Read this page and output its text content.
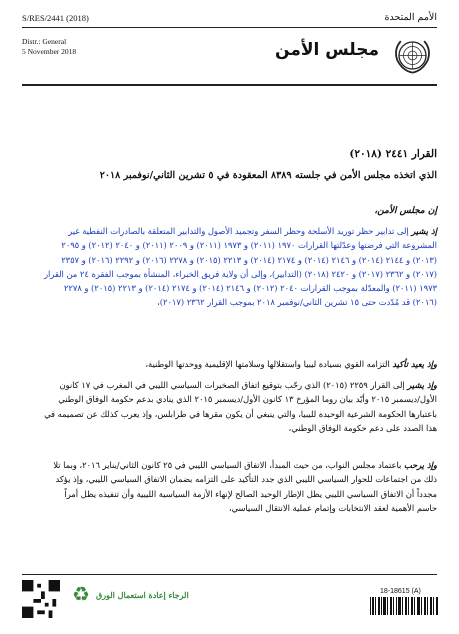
S/RES/2441 (2018)	الأمم المتحدة
Distr.: General
5 November 2018	مجلس الأمن
القرار ٢٤٤١ (٢٠١٨)
الذي اتخذه مجلس الأمن في جلسته ٨٣٨٩ المعقودة في ٥ تشرين الثاني/نوفمبر ٢٠١٨
إن مجلس الأمن،
إذ يشير إلى تدابير حظر توريد الأسلحة وحظر السفر وتجميد الأصول والتدابير المتعلقة بالصادرات النفطية غير المشروعة التي فرضتها وعدّلتها القرارات ١٩٧٠ (٢٠١١) و ١٩٧٣ (٢٠١١) و ٢٠٠٩ (٢٠١١) و ٢٠٤٠ (٢٠١٢) و ٢٠٩٥ (٢٠١٣) و ٢١٤٤ (٢٠١٤) و ٢١٤٦ (٢٠١٤) و ٢١٧٤ (٢٠١٤) و ٢٢١٣ (٢٠١٥) و ٢٢٧٨ (٢٠١٦) و ٢٢٩٢ (٢٠١٦) و ٢٣٥٧ (٢٠١٧) و ٢٣٦٢ (٢٠١٧) و ٢٤٢٠ (٢٠١٨) (التدابير)، وإلى أن ولاية فريق الخبراء، المنشأة بموجب الفقرة ٢٤ من القرار ١٩٧٣ (٢٠١١) والمعدّلة بموجب القرارات ٢٠٤٠ (٢٠١٢) و ٢١٤٦ (٢٠١٤) و ٢١٧٤ (٢٠١٤) و ٢٢١٣ (٢٠١٥) و ٢٢٧٨ (٢٠١٦) قد مُدّدت حتى ١٥ تشرين الثاني/نوفمبر ٢٠١٨ بموجب القرار ٢٣٦٢ (٢٠١٧)،
وإذ يعيد تأكيد التزامه القوي بسيادة ليبيا واستقلالها وسلامتها الإقليمية ووحدتها الوطنية،
وإذ يشير إلى القرار ٢٢٥٩ (٢٠١٥) الذي رحّب بتوقيع اتفاق الصخيرات السياسي الليبي في المغرب في ١٧ كانون الأول/ديسمبر ٢٠١٥ وأيّد بيان روما المؤرخ ١٣ كانون الأول/ديسمبر ٢٠١٥ الذي ينادي بدعم حكومة الوفاق الوطني باعتبارها الحكومة الشرعية الوحيدة لليبيا، والتي ينبغي أن يكون مقرها في طرابلس، وإذ يعرب كذلك عن تصميمه في هذا الصدد على دعم حكومة الوفاق الوطني،
وإذ يرحب باعتماد مجلس النواب، من حيث المبدأ، الاتفاق السياسي الليبي في ٢٥ كانون الثاني/يناير ٢٠١٦، وبما تلا ذلك من اجتماعات للحوار السياسي الليبي الذي جدد التأكيد على التزامه بضمان الاتفاق السياسي الليبي، وإذ يؤكد مجدداً أن الاتفاق السياسي الليبي يظل الإطار الوحيد الصالح لإنهاء الأزمة السياسية الليبية وأن تنفيذه يظل أمراً حاسم الأهمية لعقد الانتخابات وإتمام عملية الانتقال السياسي،
♻ الرجاء إعادة استعمال الورق	18-18615 (A)
